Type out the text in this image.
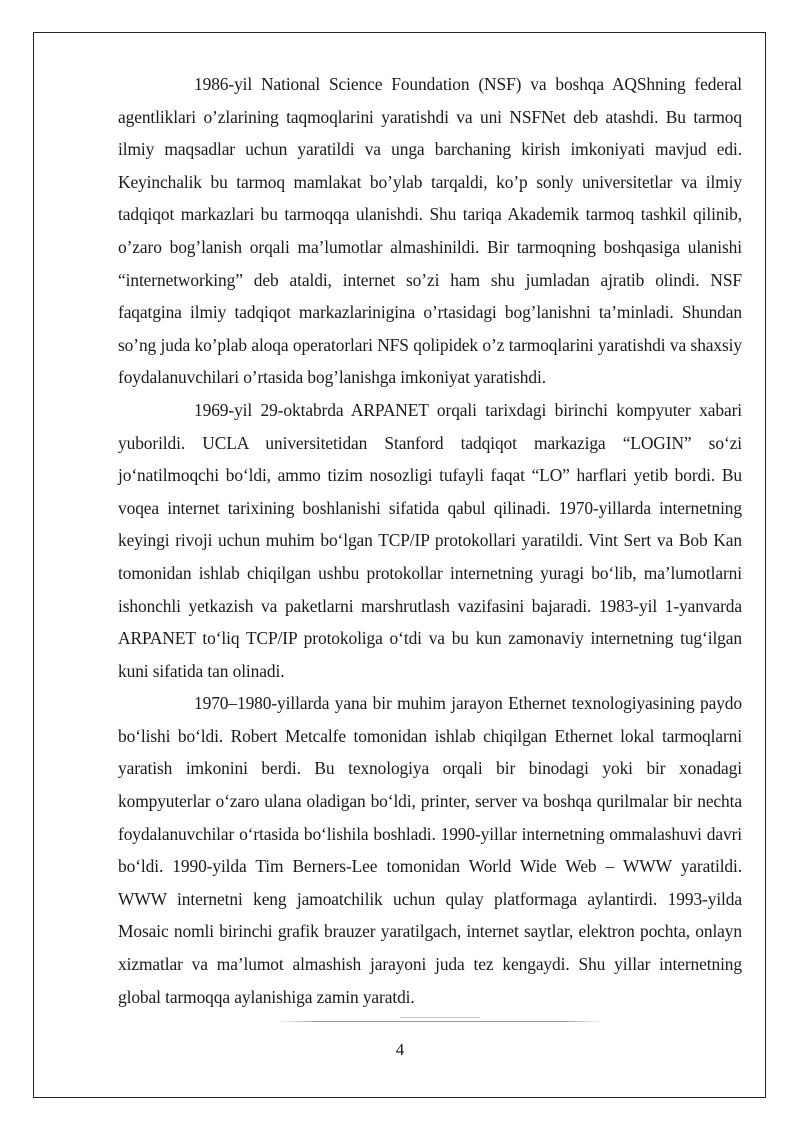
1986-yil National Science Foundation (NSF) va boshqa AQShning federal agentliklari o’zlarining taqmoqlarini yaratishdi va uni NSFNet deb atashdi. Bu tarmoq ilmiy maqsadlar uchun yaratildi va unga barchaning kirish imkoniyati mavjud edi. Keyinchalik bu tarmoq mamlakat bo’ylab tarqaldi, ko’p sonly universitetlar va ilmiy tadqiqot markazlari bu tarmoqqa ulanishdi. Shu tariqa Akademik tarmoq tashkil qilinib, o’zaro bog’lanish orqali ma’lumotlar almashinildi. Bir tarmoqning boshqasiga ulanishi “internetworking” deb ataldi, internet so’zi ham shu jumladan ajratib olindi. NSF faqatgina ilmiy tadqiqot markazlarinigina o’rtasidagi bog’lanishni ta’minladi. Shundan so’ng juda ko’plab aloqa operatorlari NFS qolipidek o’z tarmoqlarini yaratishdi va shaxsiy foydalanuvchilari o’rtasida bog’lanishga imkoniyat yaratishdi.

1969-yil 29-oktabrda ARPANET orqali tarixdagi birinchi kompyuter xabari yuborildi. UCLA universitetidan Stanford tadqiqot markaziga “LOGIN” so‘zi jo‘natilmoqchi bo‘ldi, ammo tizim nosozligi tufayli faqat “LO” harflari yetib bordi. Bu voqea internet tarixining boshlanishi sifatida qabul qilinadi. 1970-yillarda internetning keyingi rivoji uchun muhim bo‘lgan TCP/IP protokollari yaratildi. Vint Sert va Bob Kan tomonidan ishlab chiqilgan ushbu protokollar internetning yuragi bo‘lib, ma’lumotlarni ishonchli yetkazish va paketlarni marshrutlash vazifasini bajaradi. 1983-yil 1-yanvarda ARPANET to‘liq TCP/IP protokoliga o‘tdi va bu kun zamonaviy internetning tug‘ilgan kuni sifatida tan olinadi.

1970–1980-yillarda yana bir muhim jarayon Ethernet texnologiyasining paydo bo‘lishi bo‘ldi. Robert Metcalfe tomonidan ishlab chiqilgan Ethernet lokal tarmoqlarni yaratish imkonini berdi. Bu texnologiya orqali bir binodagi yoki bir xonadagi kompyuterlar o‘zaro ulana oladigan bo‘ldi, printer, server va boshqa qurilmalar bir nechta foydalanuvchilar o‘rtasida bo‘lishila boshladi. 1990-yillar internetning ommalashuvi davri bo‘ldi. 1990-yilda Tim Berners-Lee tomonidan World Wide Web – WWW yaratildi. WWW internetni keng jamoatchilik uchun qulay platformaga aylantirdi. 1993-yilda Mosaic nomli birinchi grafik brauzer yaratilgach, internet saytlar, elektron pochta, onlayn xizmatlar va ma’lumot almashish jarayoni juda tez kengaydi. Shu yillar internetning global tarmoqqa aylanishiga zamin yaratdi.

4
